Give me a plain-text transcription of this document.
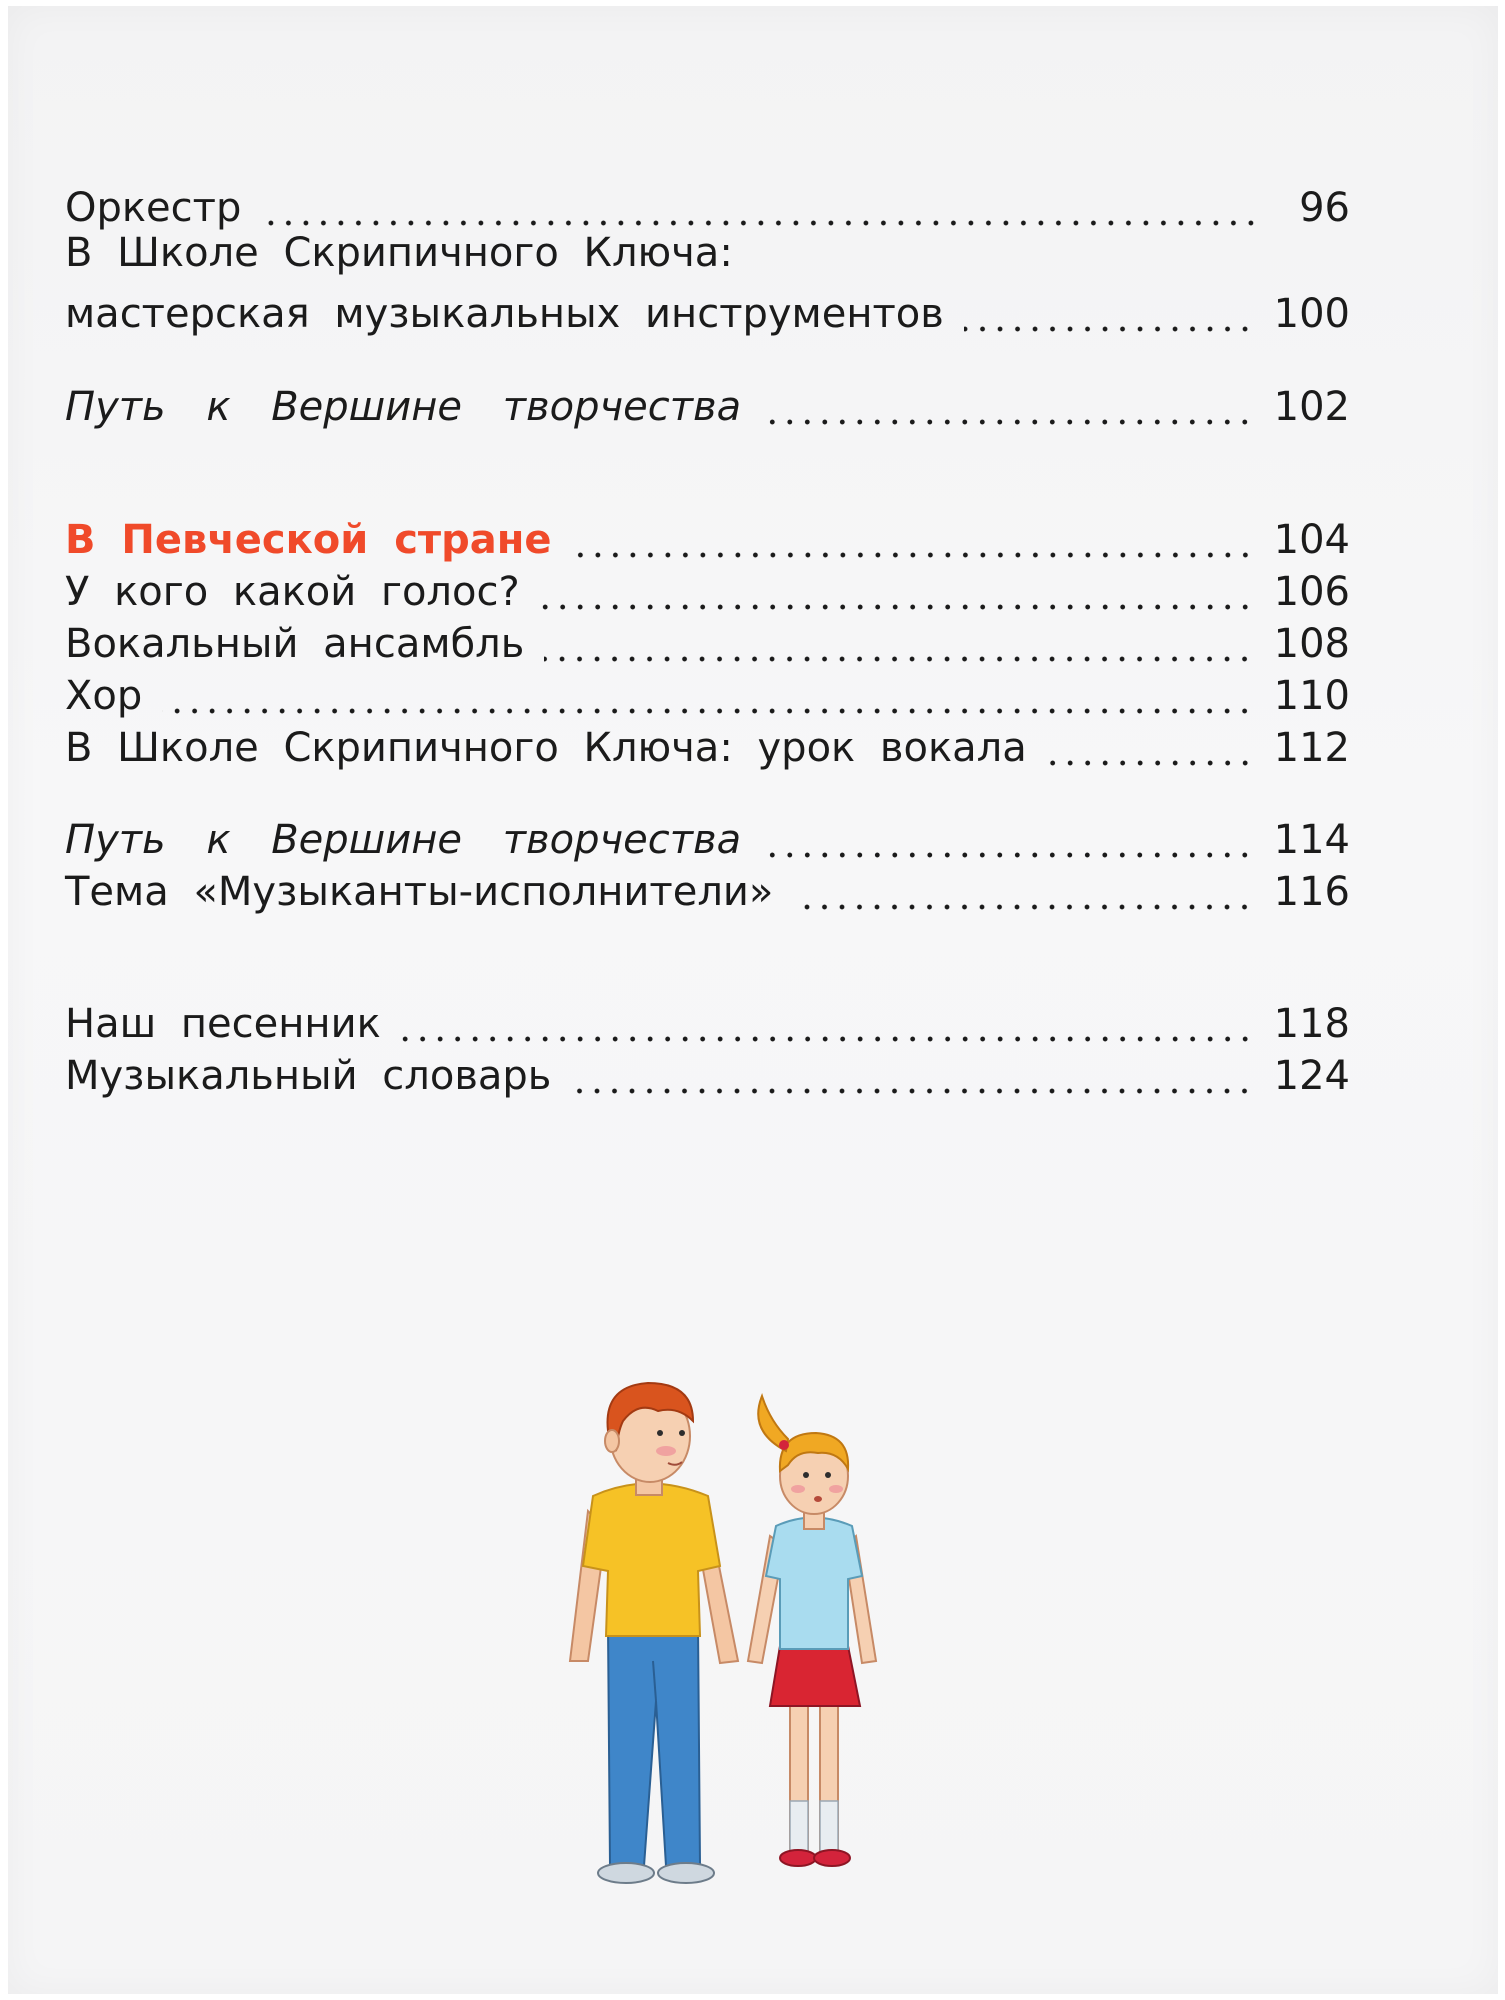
Оркестр	96
В Школе Скрипичного Ключа:
мастерская музыкальных инструментов	100
Путь к Вершине творчества	102
В Певческой стране	104
У кого какой голос?	106
Вокальный ансамбль	108
Хор	110
В Школе Скрипичного Ключа: урок вокала	112
Путь к Вершине творчества	114
Тема «Музыканты-исполнители»	116
Наш песенник	118
Музыкальный словарь	124
